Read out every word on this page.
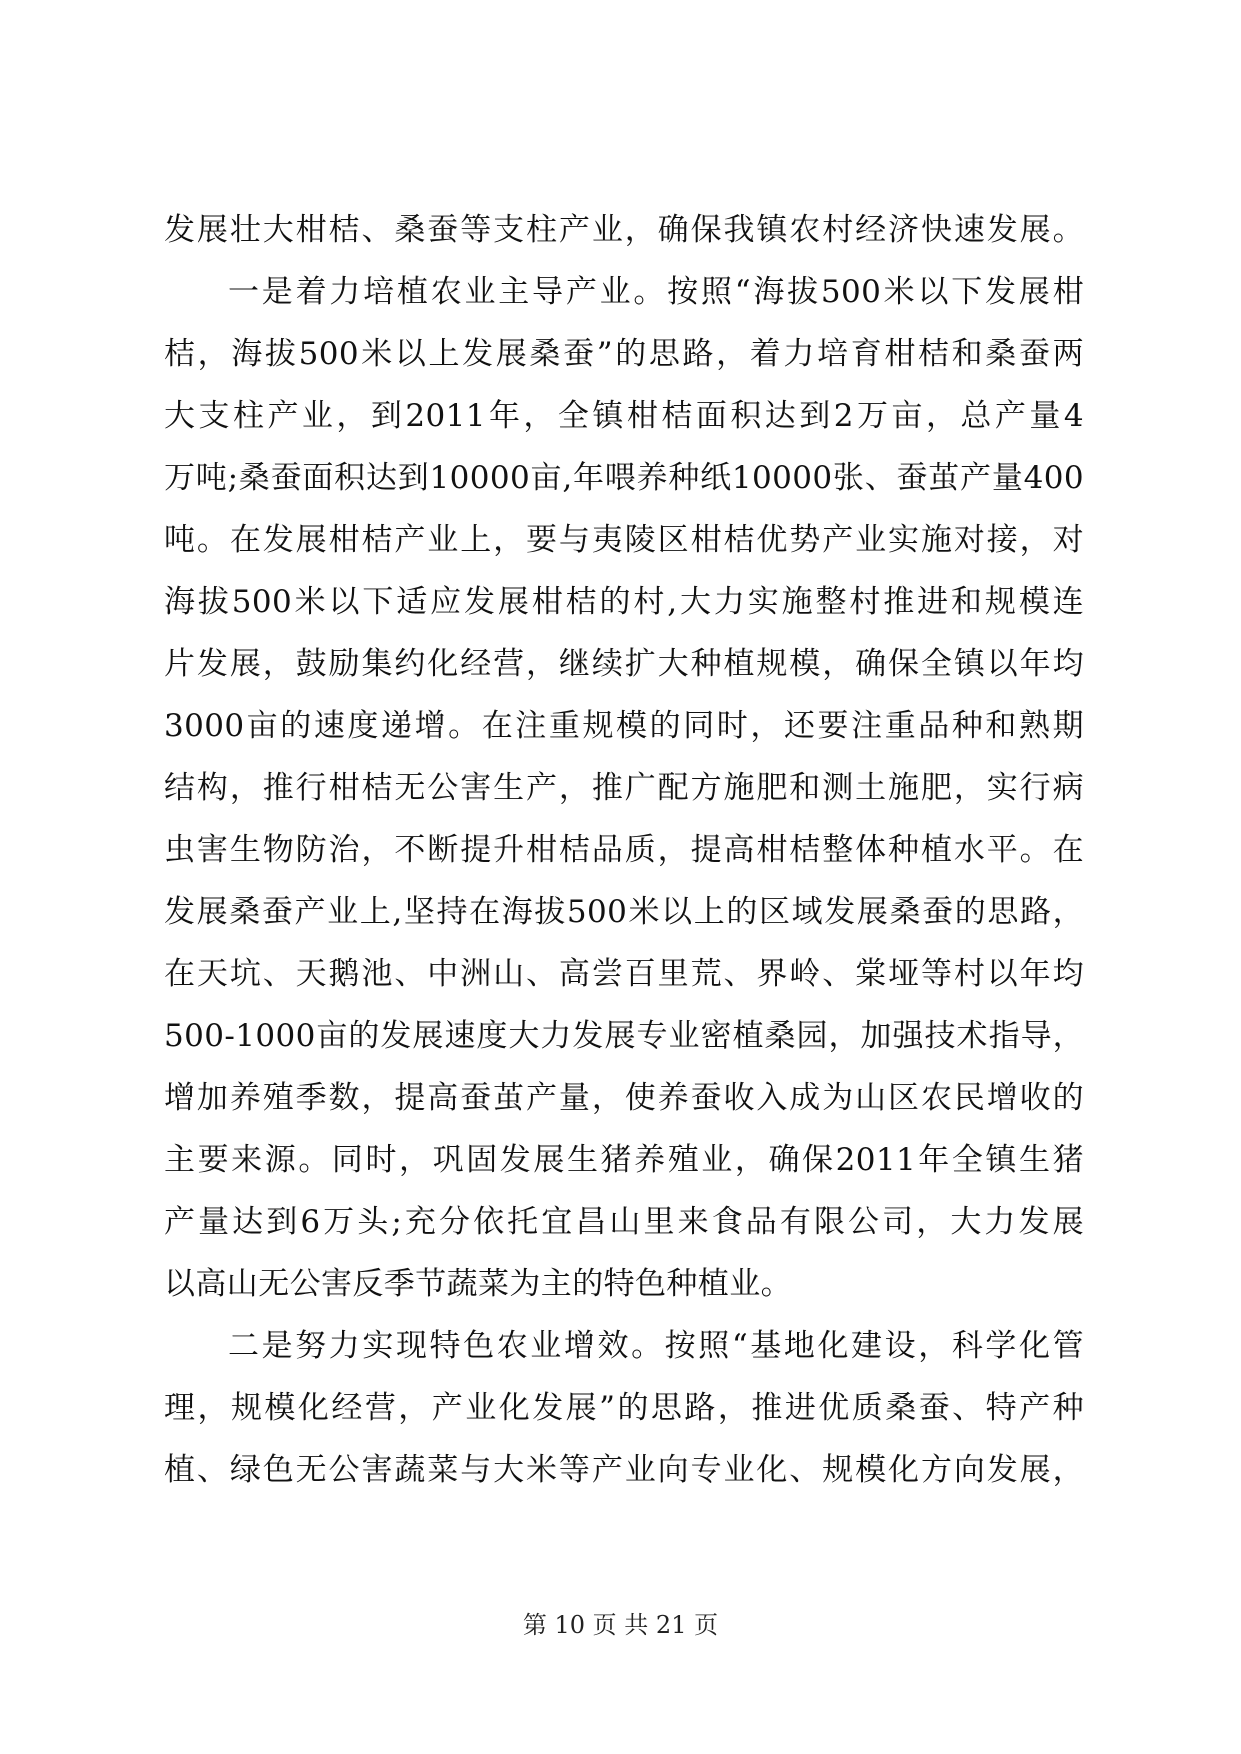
发展壮大柑桔、桑蚕等支柱产业，确保我镇农村经济快速发展。
一是着力培植农业主导产业。按照“海拔500米以下发展柑
桔，海拔500米以上发展桑蚕”的思路，着力培育柑桔和桑蚕两
大支柱产业，到2011年，全镇柑桔面积达到2万亩，总产量4
万吨;桑蚕面积达到10000亩,年喂养种纸10000张、蚕茧产量400
吨。在发展柑桔产业上，要与夷陵区柑桔优势产业实施对接，对
海拔500米以下适应发展柑桔的村,大力实施整村推进和规模连
片发展，鼓励集约化经营，继续扩大种植规模，确保全镇以年均
3000亩的速度递增。在注重规模的同时，还要注重品种和熟期
结构，推行柑桔无公害生产，推广配方施肥和测土施肥，实行病
虫害生物防治，不断提升柑桔品质，提高柑桔整体种植水平。在
发展桑蚕产业上,坚持在海拔500米以上的区域发展桑蚕的思路，
在天坑、天鹅池、中洲山、高尝百里荒、界岭、棠垭等村以年均
500-1000亩的发展速度大力发展专业密植桑园，加强技术指导，
增加养殖季数，提高蚕茧产量，使养蚕收入成为山区农民增收的
主要来源。同时，巩固发展生猪养殖业，确保2011年全镇生猪
产量达到6万头;充分依托宜昌山里来食品有限公司，大力发展
以高山无公害反季节蔬菜为主的特色种植业。
二是努力实现特色农业增效。按照“基地化建设，科学化管
理，规模化经营，产业化发展”的思路，推进优质桑蚕、特产种
植、绿色无公害蔬菜与大米等产业向专业化、规模化方向发展，
第 10 页 共 21 页
